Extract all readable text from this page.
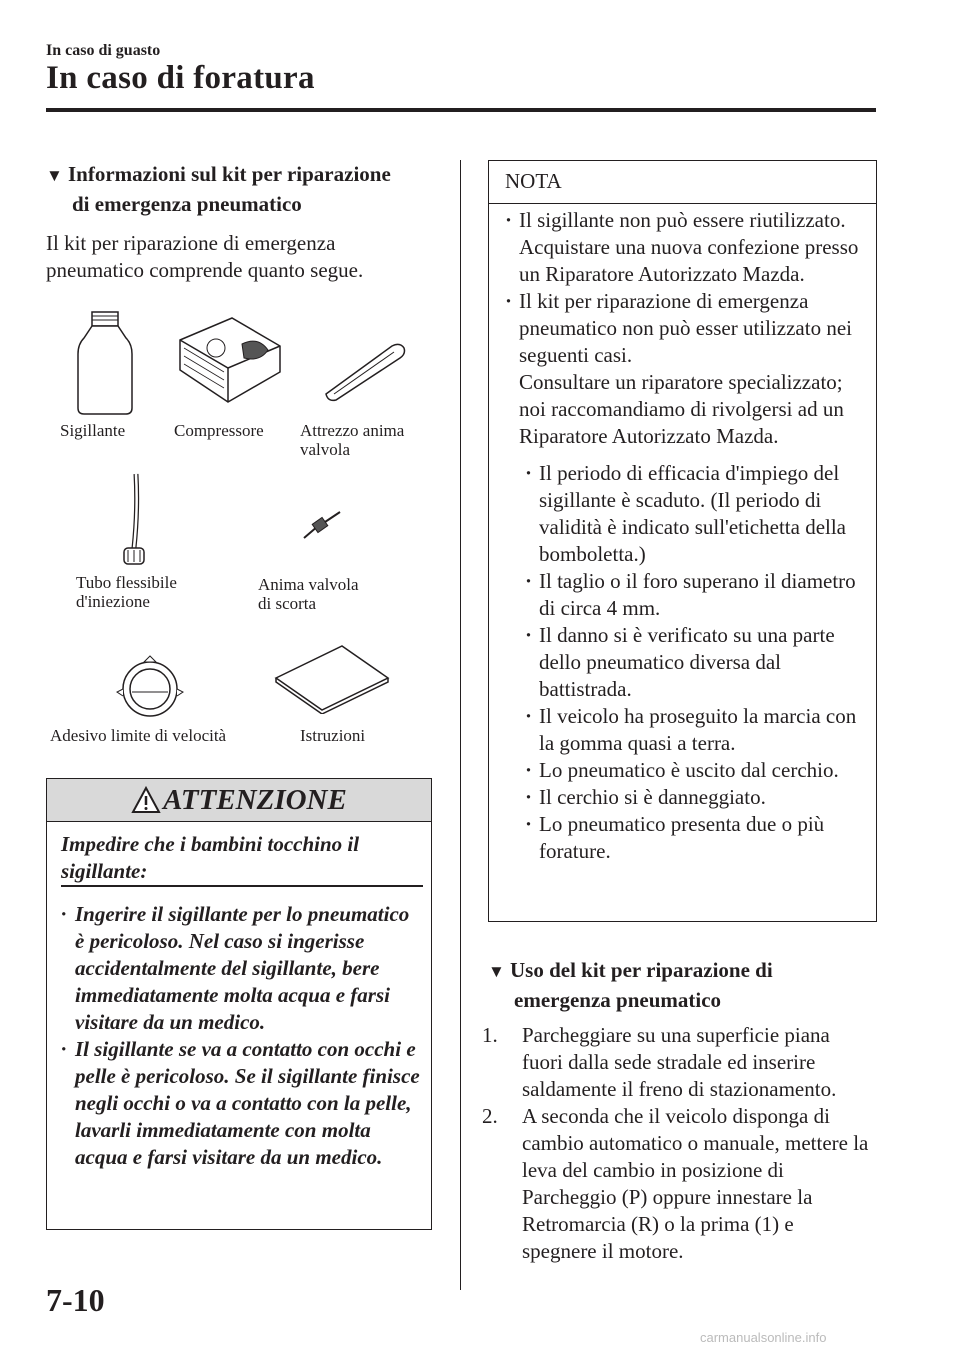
In caso di guasto
In caso di foratura
▼ Informazioni sul kit per riparazione
di emergenza pneumatico
Il kit per riparazione di emergenza pneumatico comprende quanto segue.
Sigillante	Compressore Attrezzo anima
valvola
Tubo flessibile
d'iniezione
Anima valvola
di scorta
Adesivo limite di velocità	Istruzioni
ATTENZIONE
Impedire che i bambini tocchino il sigillante:
· Ingerire il sigillante per lo pneumatico è pericoloso. Nel caso si ingerisse accidentalmente del sigillante, bere immediatamente molta acqua e farsi visitare da un medico.
· Il sigillante se va a contatto con occhi e pelle è pericoloso. Se il sigillante finisce negli occhi o va a contatto con la pelle, lavarli immediatamente con molta acqua e farsi visitare da un medico.
NOTA
· Il sigillante non può essere riutilizzato. Acquistare una nuova confezione presso un Riparatore Autorizzato Mazda.
· Il kit per riparazione di emergenza pneumatico non può esser utilizzato nei seguenti casi.
Consultare un riparatore specializzato; noi raccomandiamo di rivolgersi ad un Riparatore Autorizzato Mazda.
· Il periodo di efficacia d'impiego del sigillante è scaduto. (Il periodo di validità è indicato sull'etichetta della bomboletta.)
· Il taglio o il foro superano il diametro di circa 4 mm.
· Il danno si è verificato su una parte dello pneumatico diversa dal battistrada.
· Il veicolo ha proseguito la marcia con la gomma quasi a terra.
· Lo pneumatico è uscito dal cerchio.
· Il cerchio si è danneggiato.
· Lo pneumatico presenta due o più forature.
▼ Uso del kit per riparazione di
emergenza pneumatico
1. Parcheggiare su una superficie piana fuori dalla sede stradale ed inserire saldamente il freno di stazionamento.
2. A seconda che il veicolo disponga di cambio automatico o manuale, mettere la leva del cambio in posizione di Parcheggio (P) oppure innestare la Retromarcia (R) o la prima (1) e spegnere il motore.
7-10
carmanualsonline.info
